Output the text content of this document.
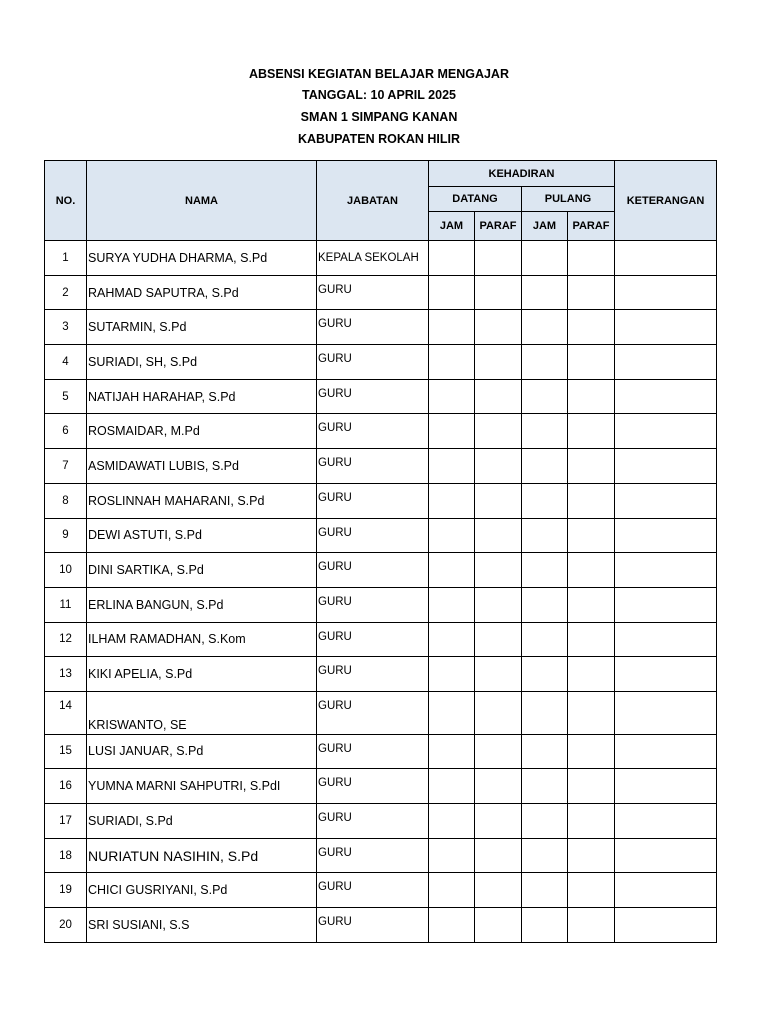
ABSENSI KEGIATAN BELAJAR MENGAJAR
TANGGAL: 10 APRIL 2025
SMAN 1 SIMPANG KANAN
KABUPATEN ROKAN HILIR
NO.	NAMA	JABATAN	KEHADIRAN				KETERANGAN
			DATANG		PULANG		
			JAM	PARAF	JAM	PARAF	
1	SURYA YUDHA DHARMA, S.Pd	KEPALA SEKOLAH					
2	RAHMAD SAPUTRA, S.Pd	GURU					
3	SUTARMIN, S.Pd	GURU					
4	SURIADI, SH, S.Pd	GURU					
5	NATIJAH HARAHAP, S.Pd	GURU					
6	ROSMAIDAR, M.Pd	GURU					
7	ASMIDAWATI LUBIS, S.Pd	GURU					
8	ROSLINNAH MAHARANI, S.Pd	GURU					
9	DEWI ASTUTI, S.Pd	GURU					
10	DINI SARTIKA, S.Pd	GURU					
11	ERLINA BANGUN, S.Pd	GURU					
12	ILHAM RAMADHAN, S.Kom	GURU					
13	KIKI APELIA, S.Pd	GURU					
14	KRISWANTO, SE	GURU					
15	LUSI JANUAR, S.Pd	GURU					
16	YUMNA MARNI SAHPUTRI, S.PdI	GURU					
17	SURIADI, S.Pd	GURU					
18	NURIATUN NASIHIN, S.Pd	GURU					
19	CHICI GUSRIYANI, S.Pd	GURU					
20	SRI SUSIANI, S.S	GURU					
